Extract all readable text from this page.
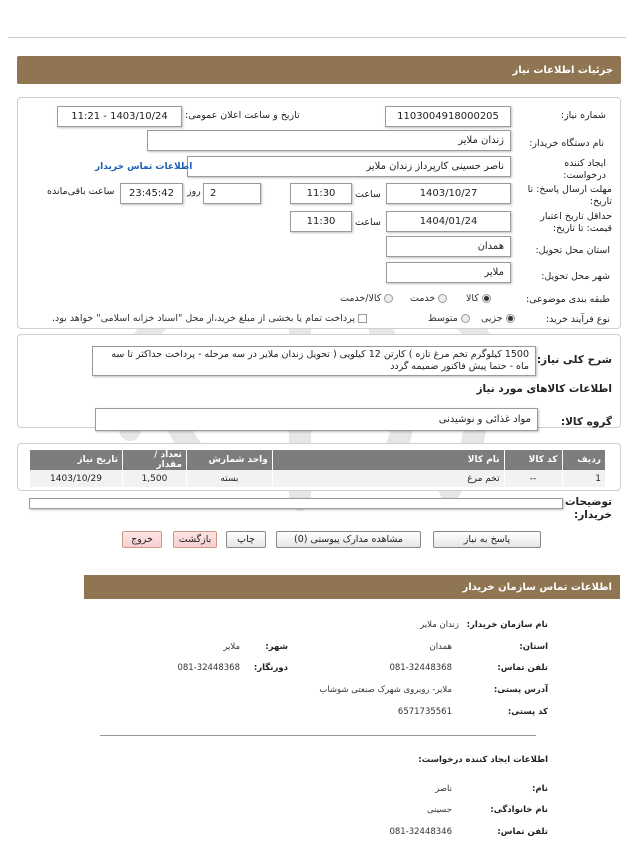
جزئیات اطلاعات نیاز
شماره نیاز:
1103004918000205
تاریخ و ساعت اعلان عمومی:
1403/10/24 - 11:21
نام دستگاه خریدار:
زندان ملایر
ایجاد کننده درخواست:
ناصر حسینی کارپرداز زندان ملایر
اطلاعات تماس خریدار
مهلت ارسال پاسخ: تا تاریخ:
1403/10/27
ساعت
11:30
2
روز
23:45:42
ساعت باقی‌مانده
حداقل تاریخ اعتبار قیمت: تا تاریخ:
1404/01/24
ساعت
11:30
استان محل تحویل:
همدان
شهر محل تحویل:
ملایر
طبقه بندی موضوعی:
کالا
خدمت
کالا/خدمت
نوع فرآیند خرید:
جزیی
متوسط
پرداخت تمام یا بخشی از مبلغ خرید،از محل "اسناد خزانه اسلامی" خواهد بود.
شرح کلی نیاز:
1500 کیلوگرم تخم مرغ تازه ) کارتن 12 کیلویی ( تحویل زندان ملایر در سه مرحله - پرداخت حداکثر تا سه ماه - حتما پیش فاکتور ضمیمه گردد
اطلاعات کالاهای مورد نیاز
گروه کالا:
مواد غذائی و نوشیدنی
ردیف	کد کالا	نام کالا	واحد شمارش	تعداد / مقدار	تاریخ نیاز
1	--	تخم مرغ	بسته	1,500	1403/10/29
توضیحات خریدار:
پاسخ به نیاز
مشاهده مدارک پیوستی (0)
چاپ
بازگشت
خروج
اطلاعات تماس سازمان خریدار
نام سازمان خریدار:
زندان ملایر
استان:
همدان
شهر:
ملایر
تلفن تماس:
081-32448368
دورنگار:
081-32448368
آدرس پستی:
ملایر- روبروی شهرک صنعتی شوشاب
کد پستی:
6571735561
اطلاعات ایجاد کننده درخواست:
نام:
ناصر
نام خانوادگی:
حسینی
تلفن تماس:
081-32448346
